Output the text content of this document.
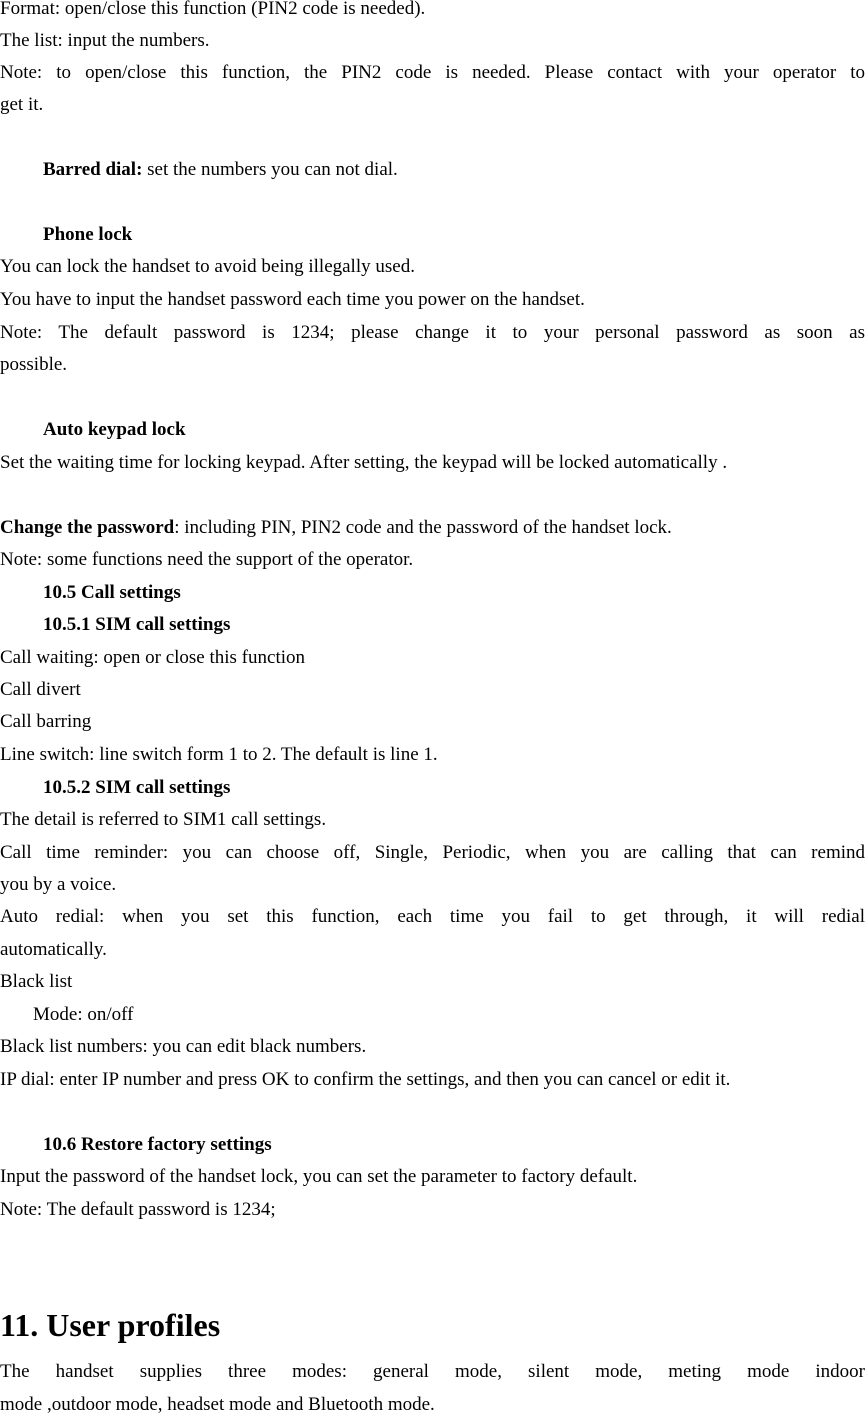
Format: open/close this function (PIN2 code is needed).
The list: input the numbers.
Note: to open/close this function, the PIN2 code is needed. Please contact with your operator to
get it.
Barred dial: set the numbers you can not dial.
Phone lock
You can lock the handset to avoid being illegally used.
You have to input the handset password each time you power on the handset.
Note: The default password is 1234; please change it to your personal password as soon as
possible.
Auto keypad lock
Set the waiting time for locking keypad. After setting, the keypad will be locked automatically .
Change the password: including PIN, PIN2 code and the password of the handset lock.
Note: some functions need the support of the operator.
10.5 Call settings
10.5.1 SIM call settings
Call waiting: open or close this function
Call divert
Call barring
Line switch: line switch form 1 to 2. The default is line 1.
10.5.2 SIM call settings
The detail is referred to SIM1 call settings.
Call time reminder: you can choose off, Single, Periodic, when you are calling that can remind
you by a voice.
Auto redial: when you set this function, each time you fail to get through, it will redial
automatically.
Black list
Mode: on/off
Black list numbers: you can edit black numbers.
IP dial: enter IP number and press OK to confirm the settings, and then you can cancel or edit it.
10.6 Restore factory settings
Input the password of the handset lock, you can set the parameter to factory default.
Note: The default password is 1234;
11. User profiles
The handset supplies three modes: general mode, silent mode, meting mode indoor
mode ,outdoor mode, headset mode and Bluetooth mode.
